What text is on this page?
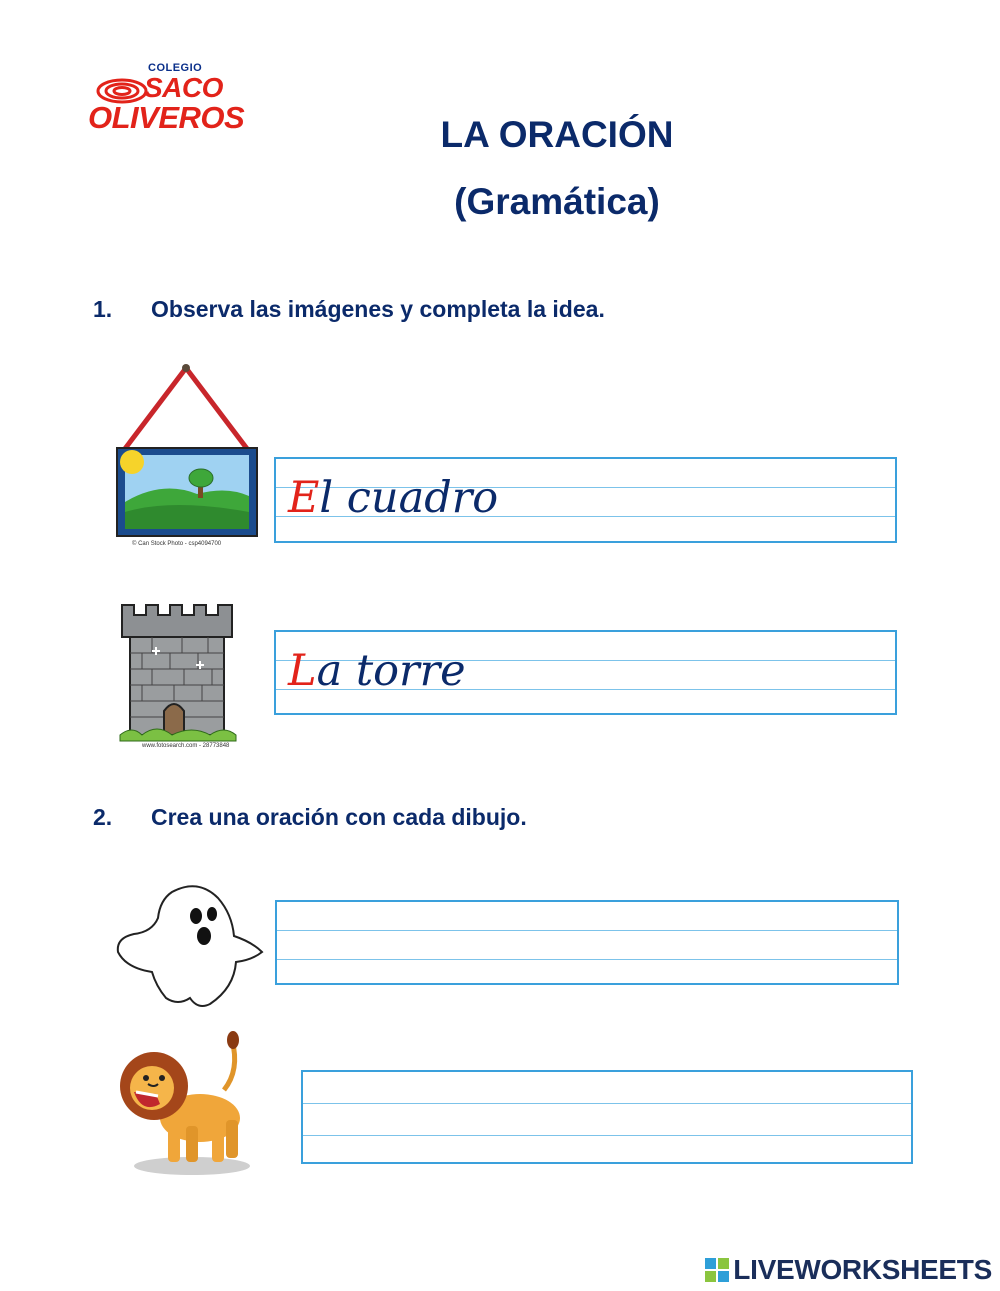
COLEGIO
SACO
OLIVEROS	LA ORACIÓN
(Gramática)
1. Observa las imágenes y completa la idea.
© Can Stock Photo - csp4094700
El cuadro
www.fotosearch.com - 28773848
La torre
2. Crea una oración con cada dibujo.
LIVEWORKSHEETS
